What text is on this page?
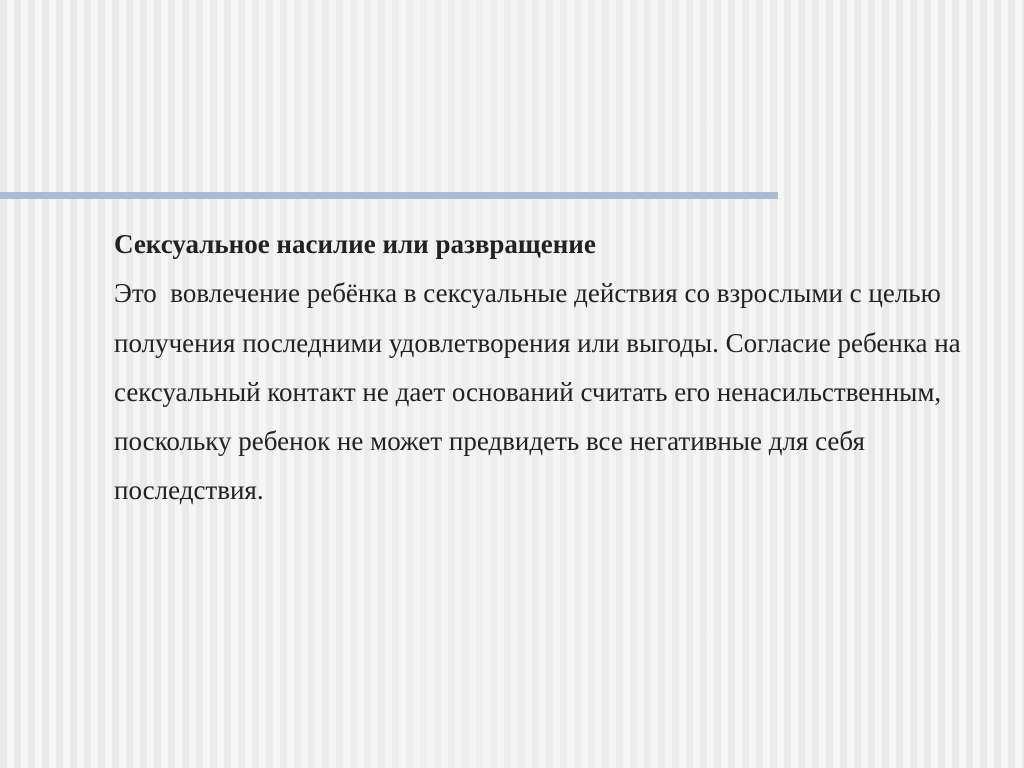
Сексуальное насилие или развращение

Это  вовлечение ребёнка в сексуальные действия со взрослыми с целью получения последними удовлетворения или выгоды. Согласие ребенка на сексуальный контакт не дает оснований считать его ненасильственным, поскольку ребенок не может предвидеть все негативные для себя последствия.
